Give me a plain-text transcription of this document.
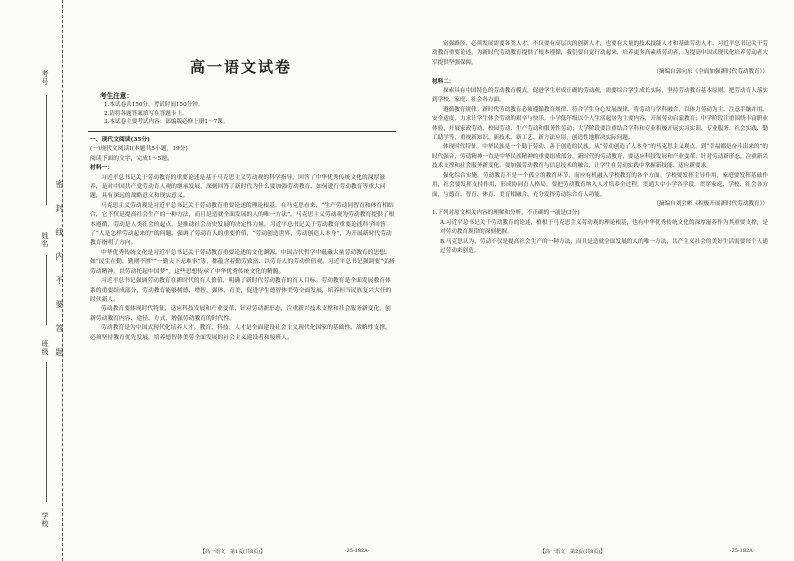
考号
姓名
班级
学校
密封线内不要答题
高一语文试卷
考生注意：
1.本试卷共150分，考试时间150分钟。
2.请将各题答案填写在答题卡上。
3.本试卷主要考试内容：部编版必修上册1～7课。
一、现代文阅读(35分)
(一)现代文阅读Ⅰ(本题共5小题，19分)
阅读下面的文字，完成1～5题。
材料一：

习近平总书记关于劳动教育的重要论述是基于马克思主义劳动观的科学指导，回答了中华优秀传统文化的深厚滋养，是对中国共产党劳动育人观的继承发展，深刻回答了新时代为什么要加强劳动教育、如何进行劳动教育等重大问题，具有深远的战略意义和现实意义。

马克思主义劳动观是习近平总书记关于劳动教育重要论述的理论根基。在马克思看来，“生产劳动同智育和体育相结合，它不仅是提高社会生产的一种方法，而且是造就全面发展的人的唯一方法”。马克思主义劳动观为劳动教育提供了根本遵循，劳动是人类社会的起点，是推动社会历史发展的决定性力量。习近平总书记关于劳动教育重要论述科学回答了“人是怎样劳动起来的”的问题，强调了劳动育人的重要价值，“劳动创造世界，劳动创造人本身”，为开展新时代劳动教育指明了方向。

中华优秀传统文化是习近平总书记关于劳动教育重要论述的文化渊源。中国古代哲学中蕴藏大量劳动教育的思想，如“民生在勤，勤则不匮”“一勤天下无难事”等，都蕴含着勤劳致富、以劳育人的劳动价值观。习近平总书记强调要“弘扬劳动精神，以劳动托起中国梦”，这些思想传承了中华优秀传统文化的精髓。

习近平总书记强调劳动教育在新时代的育人价值，明确了新时代劳动教育的育人目标。劳动教育是全面发展教育体系的重要组成部分，劳动教育能够树德、增智、强体、育美，促进学生德智体美劳全面发展，培养担当民族复兴大任的时代新人。

劳动教育要体现时代特征，适应科技发展和产业变革，针对劳动新形态，注重新兴技术支撑和社会服务新变化，创新劳动教育内容、途径、方式，增强劳动教育的时代性。

劳动教育是为中国式现代化培养人才。教育、科技、人才是全面建设社会主义现代化国家的基础性、战略性支撑，必须坚持教育优先发展，培养德智体美劳全面发展的社会主义建设者和接班人。

富强路径，必须发展需要各类人才，不仅要有高层次的创新人才，也要有大量的技术技能人才和基础劳动人才。习近平总书记关于劳动教育重要论述，为新时代劳动教育提供了根本遵循，我们要自觉行动起来，培养更多高素质劳动者，为提高中国式现代化培养劳动者大军提供坚强保障。

（摘编自郭向东《全面加强新时代劳动教育》）
材料二：

探索具有中国特色的劳动教育模式，促进学生形成正确的劳动观，需要综合学生成长实际，坚持劳动教育基本原则，把劳动育人落实到学校、家庭、社会各方面。

遵循教育规律。新时代劳动教育必须遵循教育规律、符合学生身心发展规律，将劳动与学科融合，以体力劳动为主、注意手脑并用、安全适度，力求让学生体会劳动的艰辛与快乐。小学低年级以个人生活起居为主要内容，开展劳动启蒙教育；中学阶段注重围绕丰富职业体验，开展家政劳动、校园劳动、生产劳动和服务性劳动；大学阶段要注重结合学科和专业积极开展实习实训、专业服务、社会实践、勤工助学等，重视新知识、新技术、新工艺、新方法应用，创造性地解决实际问题。

体现时代特征。中华民族是一个勤于劳动、善于创造的民族。从“劳动创造了人本身”的马克思主义观点，到“幸福都是奋斗出来的”的时代强音，劳动精神一直是中华民族精神的重要组成部分。新时代的劳动教育，要适应科技发展和产业变革，针对劳动新形态，注重新兴技术支撑和社会服务新变化，要加强劳动教育与信息技术的融合，让学生在劳动实践中掌握新技能、适应新要求。

强化综合实施。劳动教育不是一个孤立的教育环节，而应有机融入学校教育的各个方面。学校要发挥主导作用，家庭要发挥基础作用，社会要发挥支持作用，形成协同育人格局。要把劳动教育纳入人才培养全过程，贯通大中小学各学段，贯穿家庭、学校、社会各方面，与德育、智育、体育、美育相融合，充分发挥劳动综合育人功能。

（摘编自刘会彬《积极开展新时代劳动教育》）
1.下列对原文相关内容的理解和分析，不正确的一项是(3分)
A.习近平总书记关于劳动教育的论述，植根于马克思主义劳动观的理论根基，也有中华优秀传统文化的深厚滋养作为其重要支撑，是对劳动教育规律的深刻把握。
B.马克思认为，劳动不仅是提高社会生产的一种方法，而且是造就全面发展的人的唯一方法，共产主义社会的美好生活需要每个人通过劳动来创造。
【高一语文　第1页(共8页)】	·25-182A·	【高一语文　第2页(共8页)】	·25-182A·
